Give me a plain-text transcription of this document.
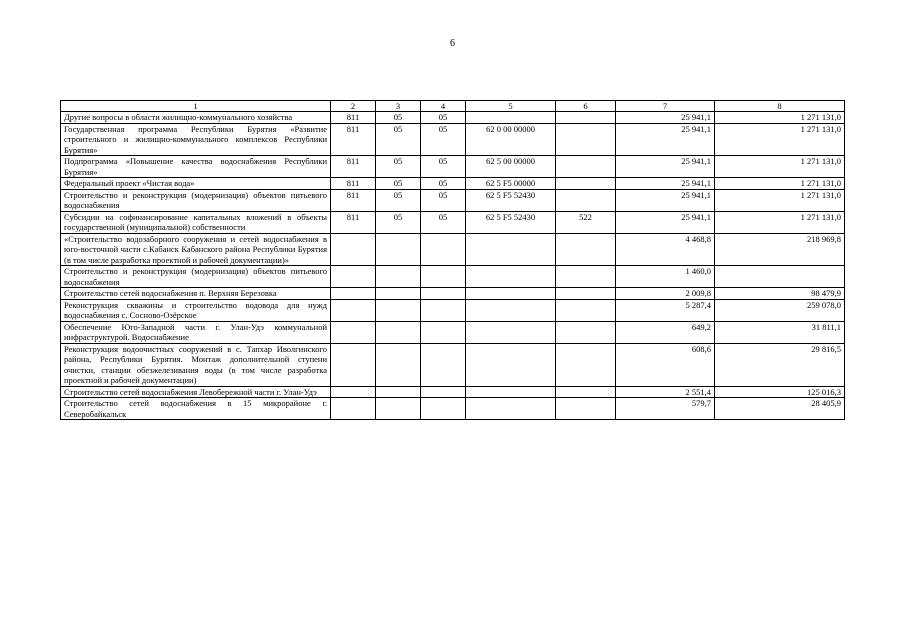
6
1	2	3	4	5	6	7	8
Другие вопросы в области жилищно-коммунального хозяйства	811	05	05			25 941,1	1 271 131,0
Государственная программа Республики Бурятия «Развитие строительного и жилищно-коммунального комплексов Республики Бурятия»	811	05	05	62 0 00 00000		25 941,1	1 271 131,0
Подпрограмма «Повышение качества водоснабжения Республики Бурятия»	811	05	05	62 5 00 00000		25 941,1	1 271 131,0
Федеральный проект «Чистая вода»	811	05	05	62 5 F5 00000		25 941,1	1 271 131,0
Строительство и реконструкция (модернизация) объектов питьевого водоснабжения	811	05	05	62 5 F5 52430		25 941,1	1 271 131,0
Субсидии на софинансирование капитальных вложений в объекты государственной (муниципальной) собственности	811	05	05	62 5 F5 52430	522	25 941,1	1 271 131,0
«Строительство водозаборного сооружения и сетей водоснабжения в юго-восточной части с.Кабанск Кабанского района Республики Бурятия (в том числе разработка проектной и рабочей документации)»						4 468,8	218 969,8
Строительство и реконструкция (модернизация) объектов питьевого водоснабжения						1 460,0	
Строительство сетей водоснабжения п. Верхняя Березовка						2 009,8	98 479,9
Реконструкция скважины и строительство водовода для нужд водоснабжения с. Сосново-Озёрское						5 287,4	259 078,0
Обеспечение Юго-Западной части г. Улан-Удэ коммунальной инфраструктурой. Водоснабжение						649,2	31 811,1
Реконструкция водоочистных сооружений в с. Тапхар Иволгинского района, Республики Бурятия. Монтаж дополнительной ступени очистки, станции обезжелезивания воды (в том числе разработка проектной и рабочей документации)						608,6	29 816,5
Строительство сетей водоснабжения Левобережной части г. Улан-Удэ						2 551,4	125 016,3
Строительство сетей водоснабжения в 15 микрорайоне г. Северобайкальск						579,7	28 405,9
